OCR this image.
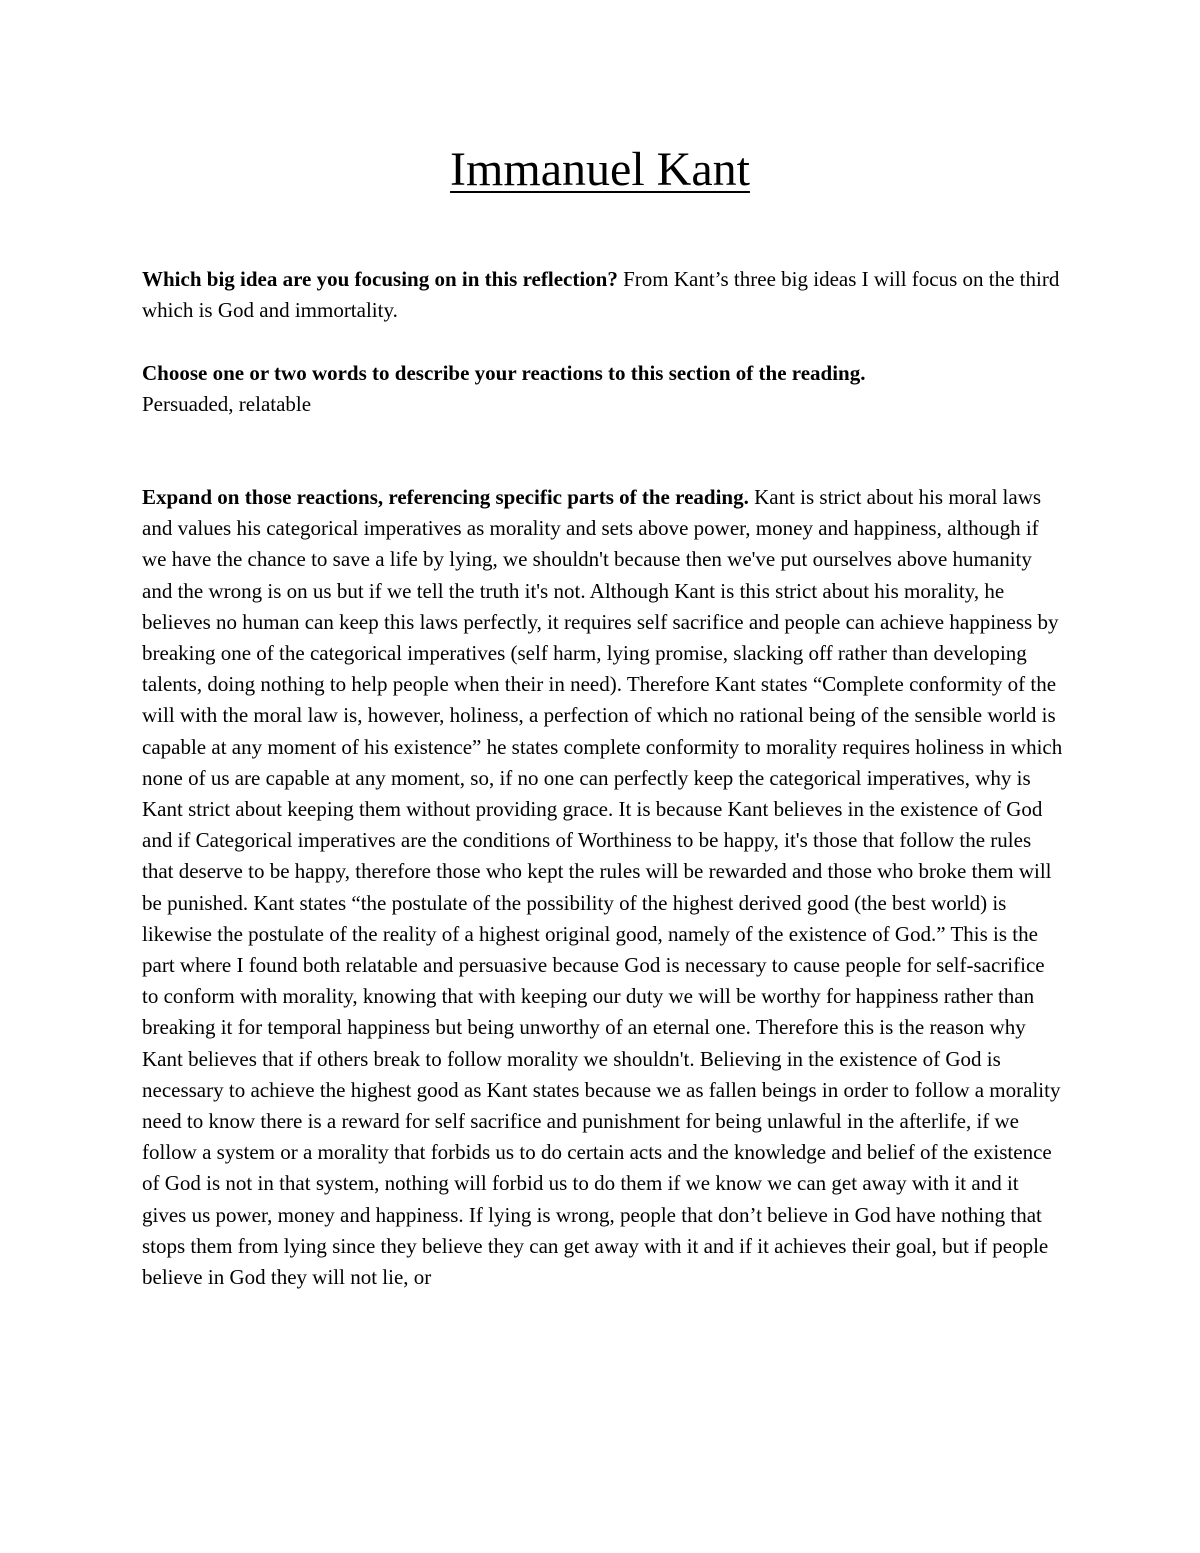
Immanuel Kant

Which big idea are you focusing on in this reflection? From Kant’s three big ideas I will focus on the third which is God and immortality.

Choose one or two words to describe your reactions to this section of the reading.
Persuaded, relatable

Expand on those reactions, referencing specific parts of the reading. Kant is strict about his moral laws and values his categorical imperatives as morality and sets above power, money and happiness, although if we have the chance to save a life by lying, we shouldn't because then we've put ourselves above humanity and the wrong is on us but if we tell the truth it's not. Although Kant is this strict about his morality, he believes no human can keep this laws perfectly, it requires self sacrifice and people can achieve happiness by breaking one of the categorical imperatives (self harm, lying promise, slacking off rather than developing talents, doing nothing to help people when their in need). Therefore Kant states “Complete conformity of the will with the moral law is, however, holiness, a perfection of which no rational being of the sensible world is capable at any moment of his existence” he states complete conformity to morality requires holiness in which none of us are capable at any moment, so, if no one can perfectly keep the categorical imperatives, why is Kant strict about keeping them without providing grace. It is because Kant believes in the existence of God and if Categorical imperatives are the conditions of Worthiness to be happy, it's those that follow the rules that deserve to be happy, therefore those who kept the rules will be rewarded and those who broke them will be punished. Kant states “the postulate of the possibility of the highest derived good (the best world) is likewise the postulate of the reality of a highest original good, namely of the existence of God.” This is the part where I found both relatable and persuasive because God is necessary to cause people for self-sacrifice to conform with morality, knowing that with keeping our duty we will be worthy for happiness rather than breaking it for temporal happiness but being unworthy of an eternal one. Therefore this is the reason why Kant believes that if others break to follow morality we shouldn't. Believing in the existence of God is necessary to achieve the highest good as Kant states because we as fallen beings in order to follow a morality need to know there is a reward for self sacrifice and punishment for being unlawful in the afterlife, if we follow a system or a morality that forbids us to do certain acts and the knowledge and belief of the existence of God is not in that system, nothing will forbid us to do them if we know we can get away with it and it gives us power, money and happiness. If lying is wrong, people that don’t believe in God have nothing that stops them from lying since they believe they can get away with it and if it achieves their goal, but if people believe in God they will not lie, or
